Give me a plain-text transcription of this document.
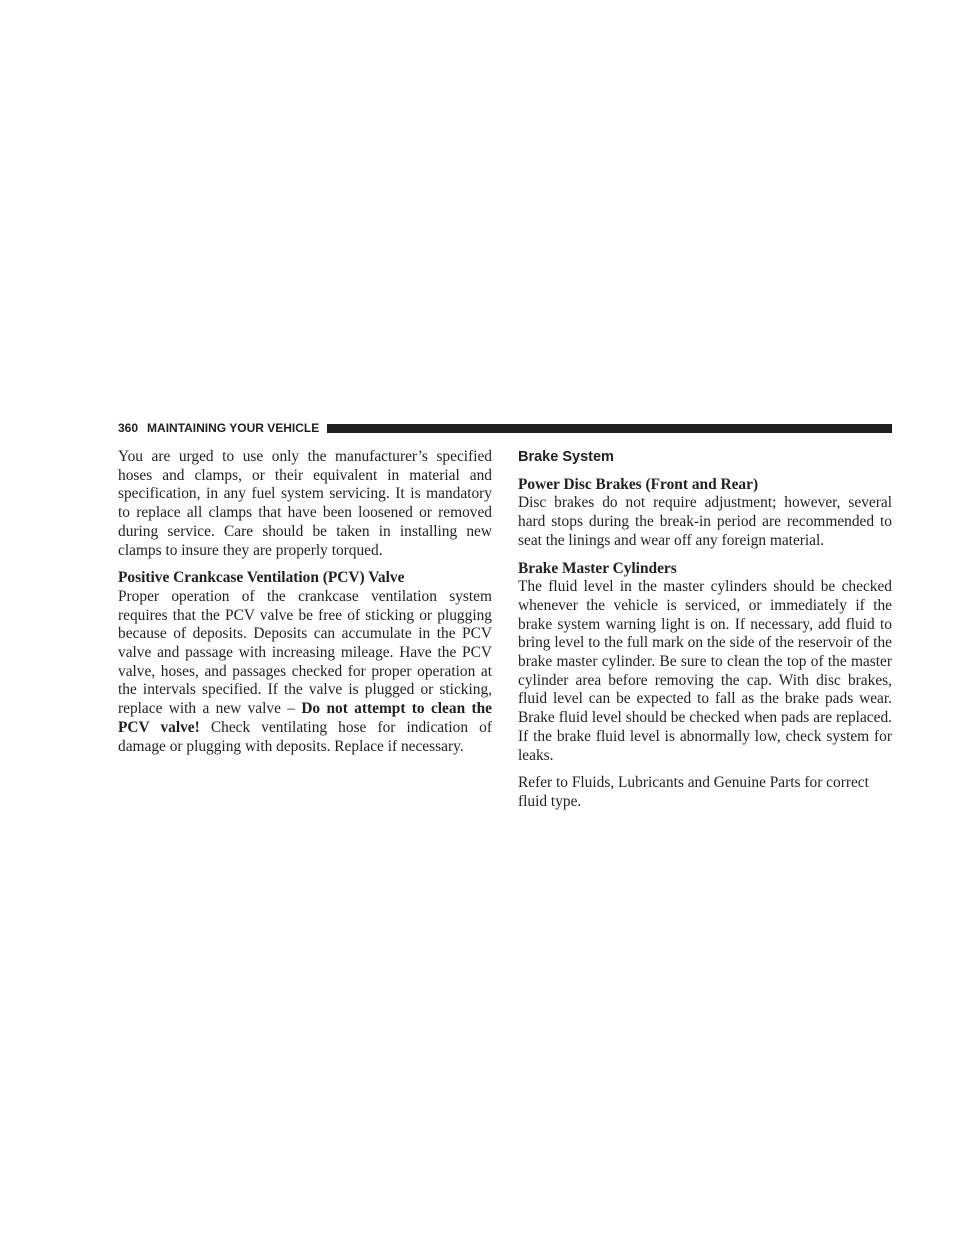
360 MAINTAINING YOUR VEHICLE

You are urged to use only the manufacturer’s specified hoses and clamps, or their equivalent in material and specification, in any fuel system servicing. It is mandatory to replace all clamps that have been loosened or removed during service. Care should be taken in installing new clamps to insure they are properly torqued.

Positive Crankcase Ventilation (PCV) Valve

Proper operation of the crankcase ventilation system requires that the PCV valve be free of sticking or plugging because of deposits. Deposits can accumulate in the PCV valve and passage with increasing mileage. Have the PCV valve, hoses, and passages checked for proper operation at the intervals specified. If the valve is plugged or sticking, replace with a new valve – Do not attempt to clean the PCV valve! Check ventilating hose for indication of damage or plugging with deposits. Replace if necessary.

Brake System
Power Disc Brakes (Front and Rear)

Disc brakes do not require adjustment; however, several hard stops during the break-in period are recommended to seat the linings and wear off any foreign material.

Brake Master Cylinders

The fluid level in the master cylinders should be checked whenever the vehicle is serviced, or immediately if the brake system warning light is on. If necessary, add fluid to bring level to the full mark on the side of the reservoir of the brake master cylinder. Be sure to clean the top of the master cylinder area before removing the cap. With disc brakes, fluid level can be expected to fall as the brake pads wear. Brake fluid level should be checked when pads are replaced. If the brake fluid level is abnormally low, check system for leaks.

Refer to Fluids, Lubricants and Genuine Parts for correct fluid type.
